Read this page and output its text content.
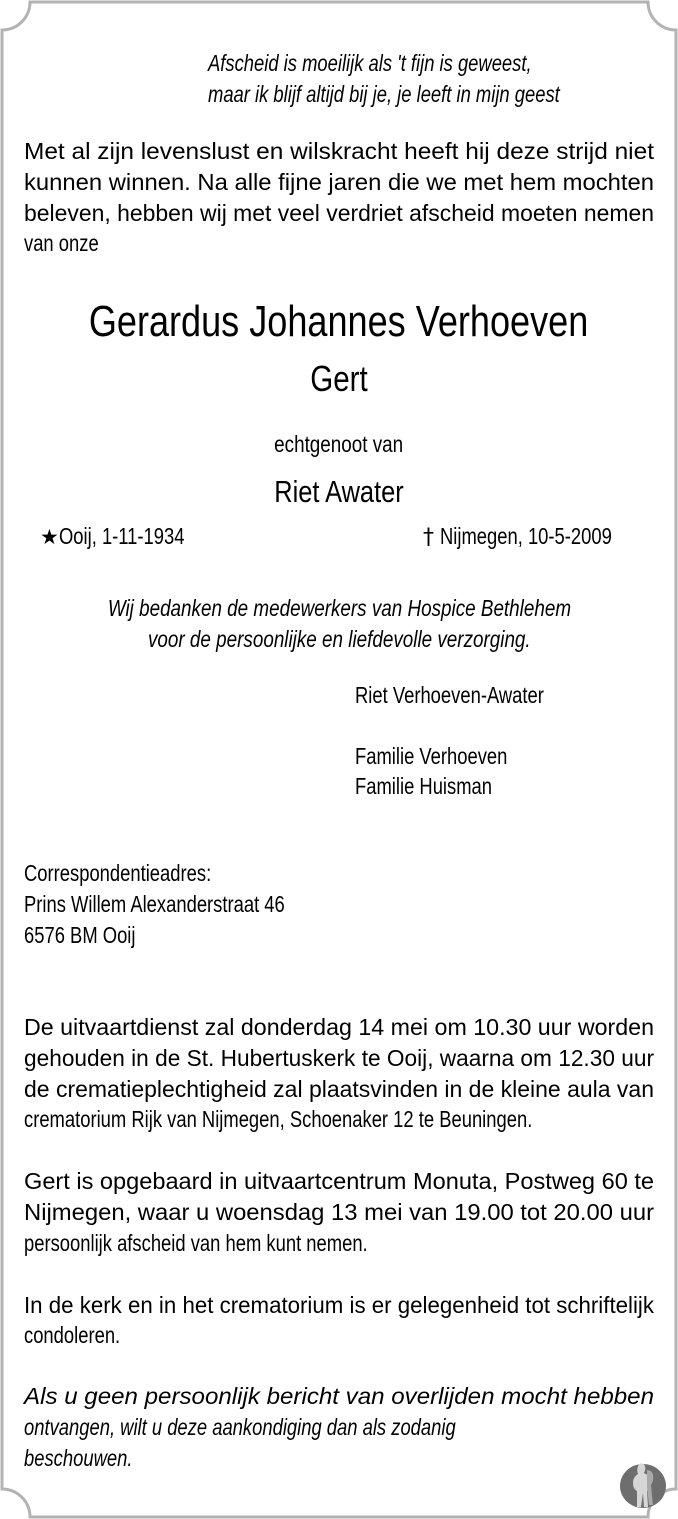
Afscheid is moeilijk als 't fijn is geweest,
maar ik blijf altijd bij je, je leeft in mijn geest
Met al zijn levenslust en wilskracht heeft hij deze strijd niet
kunnen winnen. Na alle fijne jaren die we met hem mochten
beleven, hebben wij met veel verdriet afscheid moeten nemen
van onze
Gerardus Johannes Verhoeven
Gert
echtgenoot van
Riet Awater
★Ooij, 1-11-1934	† Nijmegen, 10-5-2009
Wij bedanken de medewerkers van Hospice Bethlehem
voor de persoonlijke en liefdevolle verzorging.
Riet Verhoeven-Awater
Familie Verhoeven
Familie Huisman
Correspondentieadres:
Prins Willem Alexanderstraat 46
6576 BM Ooij
De uitvaartdienst zal donderdag 14 mei om 10.30 uur worden
gehouden in de St. Hubertuskerk te Ooij, waarna om 12.30 uur
de crematieplechtigheid zal plaatsvinden in de kleine aula van
crematorium Rijk van Nijmegen, Schoenaker 12 te Beuningen.
Gert is opgebaard in uitvaartcentrum Monuta, Postweg 60 te
Nijmegen, waar u woensdag 13 mei van 19.00 tot 20.00 uur
persoonlijk afscheid van hem kunt nemen.
In de kerk en in het crematorium is er gelegenheid tot schriftelijk
condoleren.
Als u geen persoonlijk bericht van overlijden mocht hebben
ontvangen, wilt u deze aankondiging dan als zodanig
beschouwen.
